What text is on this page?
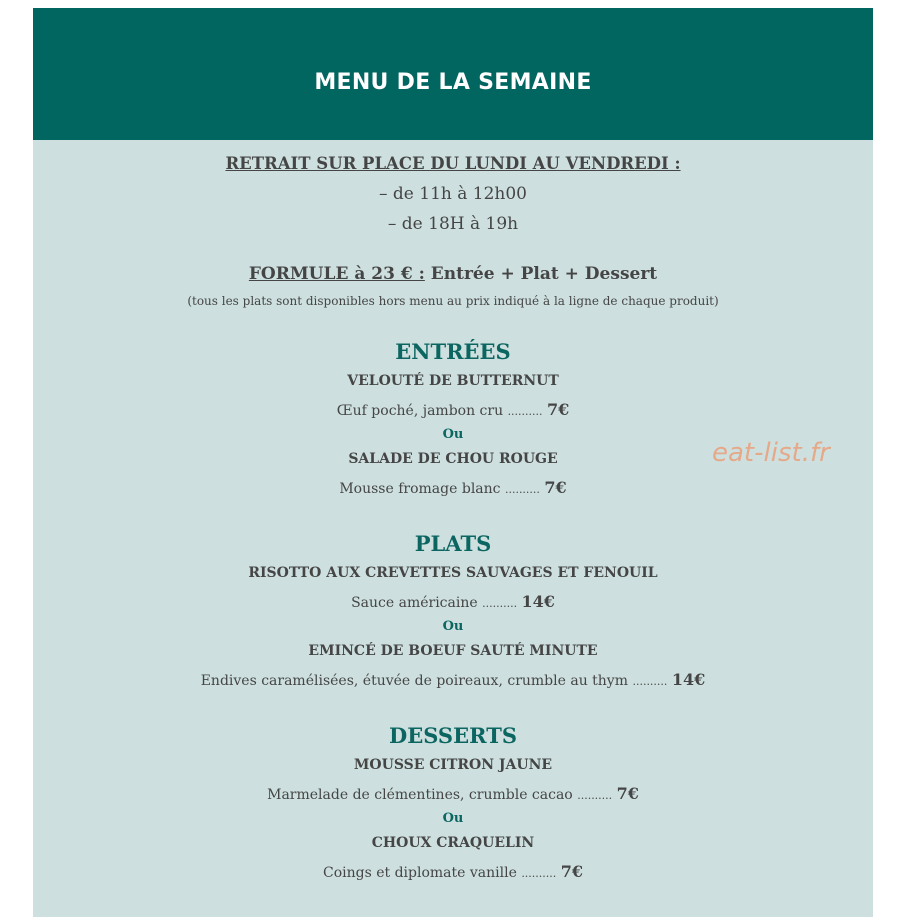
MENU DE LA SEMAINE
RETRAIT SUR PLACE DU LUNDI AU VENDREDI :
– de 11h à 12h00
– de 18H à 19h
FORMULE à 23 € : Entrée + Plat + Dessert
(tous les plats sont disponibles hors menu au prix indiqué à la ligne de chaque produit)
ENTRÉES
VELOUTÉ DE BUTTERNUT
Œuf poché, jambon cru .......... 7€
Ou
SALADE DE CHOU ROUGE
Mousse fromage blanc .......... 7€
PLATS
RISOTTO AUX CREVETTES SAUVAGES ET FENOUIL
Sauce américaine .......... 14€
Ou
EMINCÉ DE BOEUF SAUTÉ MINUTE
Endives caramélisées, étuvée de poireaux, crumble au thym .......... 14€
DESSERTS
MOUSSE CITRON JAUNE
Marmelade de clémentines, crumble cacao .......... 7€
Ou
CHOUX CRAQUELIN
Coings et diplomate vanille .......... 7€
eat-list.fr
